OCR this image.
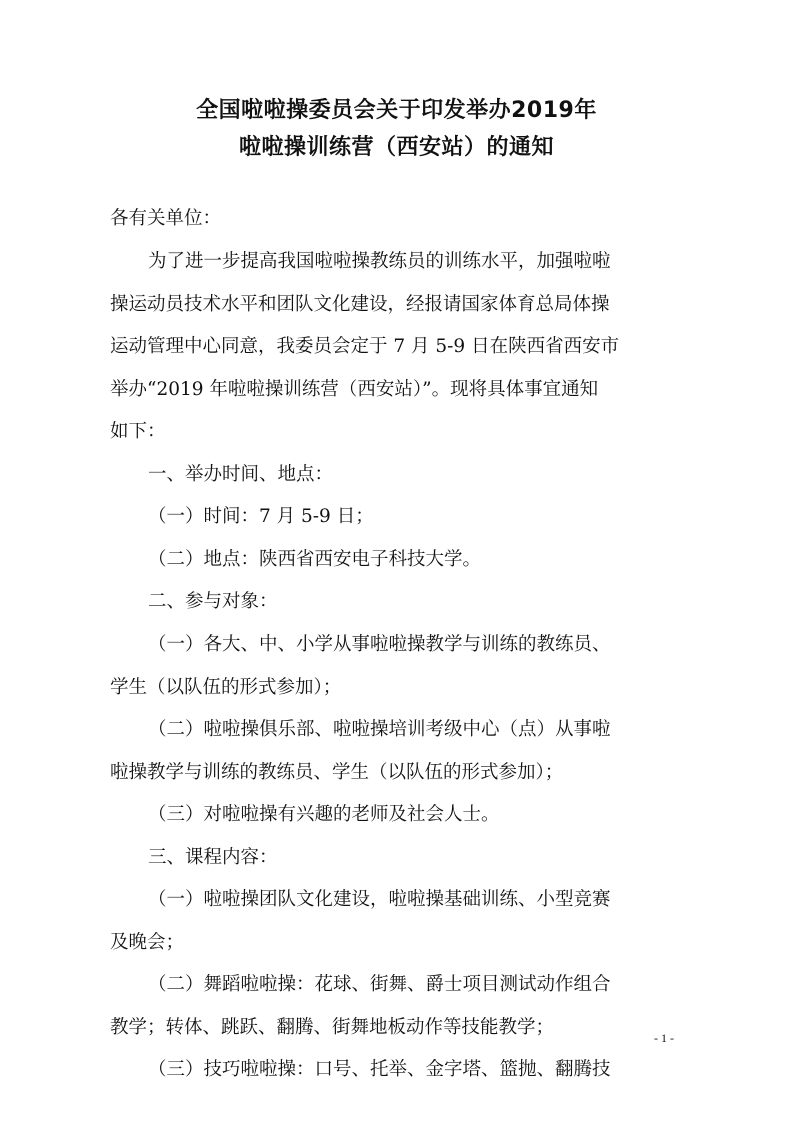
全国啦啦操委员会关于印发举办2019年
啦啦操训练营（西安站）的通知

各有关单位：

为了进一步提高我国啦啦操教练员的训练水平，加强啦啦

操运动员技术水平和团队文化建设，经报请国家体育总局体操

运动管理中心同意，我委员会定于 7 月 5-9 日在陕西省西安市

举办“2019 年啦啦操训练营（西安站）”。现将具体事宜通知

如下：

一、举办时间、地点：

（一）时间：7 月 5-9 日；

（二）地点：陕西省西安电子科技大学。

二、参与对象：

（一）各大、中、小学从事啦啦操教学与训练的教练员、

学生（以队伍的形式参加）；

（二）啦啦操俱乐部、啦啦操培训考级中心（点）从事啦

啦操教学与训练的教练员、学生（以队伍的形式参加）；

（三）对啦啦操有兴趣的老师及社会人士。

三、课程内容：

（一）啦啦操团队文化建设，啦啦操基础训练、小型竞赛

及晚会；

（二）舞蹈啦啦操：花球、街舞、爵士项目测试动作组合

教学；转体、跳跃、翻腾、街舞地板动作等技能教学；

（三）技巧啦啦操：口号、托举、金字塔、篮抛、翻腾技

- 1 -
